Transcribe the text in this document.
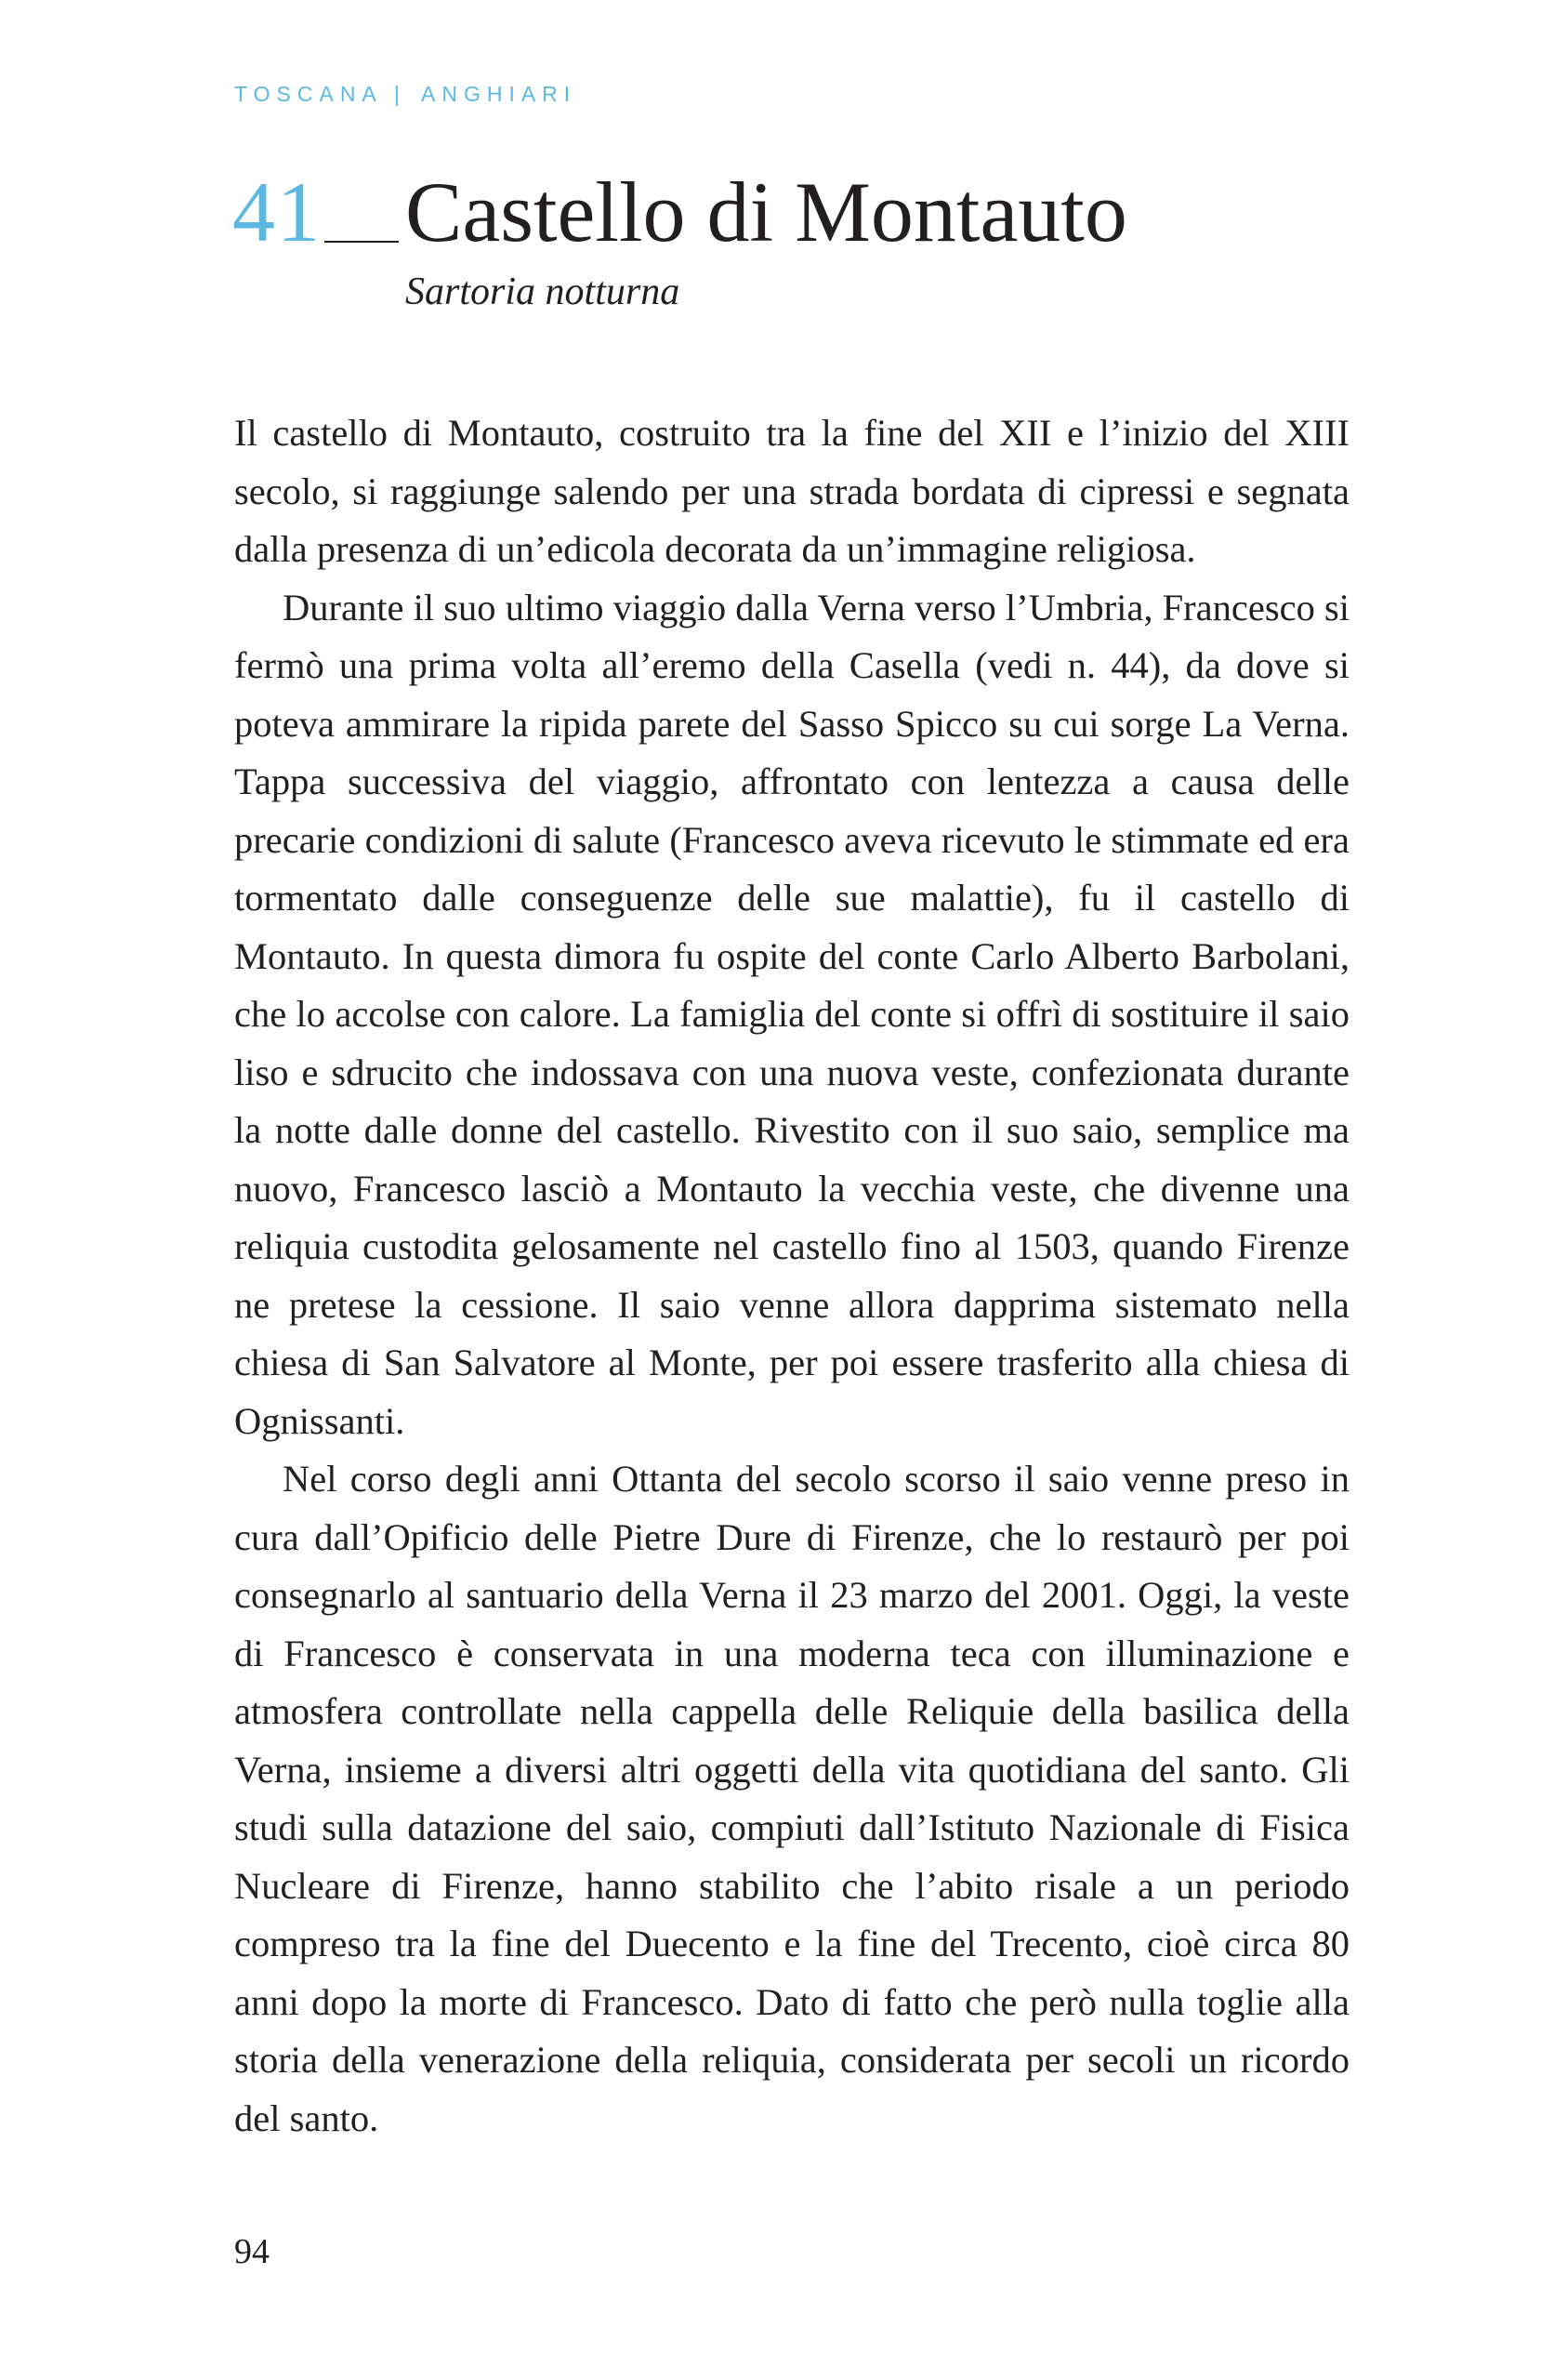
TOSCANA | ANGHIARI
41 Castello di Montauto
Sartoria notturna

Il castello di Montauto, costruito tra la fine del XII e l’inizio del XIII secolo, si raggiunge salendo per una strada bordata di cipressi e segnata dalla presenza di un’edicola decorata da un’immagine religiosa.

Durante il suo ultimo viaggio dalla Verna verso l’Umbria, Francesco si fermò una prima volta all’eremo della Casella (vedi n. 44), da dove si poteva ammirare la ripida parete del Sasso Spicco su cui sorge La Verna. Tappa successiva del viaggio, affrontato con lentezza a causa delle precarie condizioni di salute (Francesco aveva ricevuto le stimmate ed era tormentato dalle conseguenze delle sue malattie), fu il castello di Montauto. In questa dimora fu ospite del conte Carlo Alberto Barbolani, che lo accolse con calore. La famiglia del conte si offrì di sostituire il saio liso e sdrucito che indossava con una nuova veste, confezionata durante la notte dalle donne del castello. Rivestito con il suo saio, semplice ma nuovo, Francesco lasciò a Montauto la vecchia veste, che divenne una reliquia custodita gelosamente nel castello fino al 1503, quando Firenze ne pretese la cessione. Il saio venne allora dapprima sistemato nella chiesa di San Salvatore al Monte, per poi essere trasferito alla chiesa di Ognissanti.

Nel corso degli anni Ottanta del secolo scorso il saio venne preso in cura dall’Opificio delle Pietre Dure di Firenze, che lo restaurò per poi consegnarlo al santuario della Verna il 23 marzo del 2001. Oggi, la veste di Francesco è conservata in una moderna teca con illuminazione e atmosfera controllate nella cappella delle Reliquie della basilica della Verna, insieme a diversi altri oggetti della vita quotidiana del santo. Gli studi sulla datazione del saio, compiuti dall’Istituto Nazionale di Fisica Nucleare di Firenze, hanno stabilito che l’abito risale a un periodo compreso tra la fine del Duecento e la fine del Trecento, cioè circa 80 anni dopo la morte di Francesco. Dato di fatto che però nulla toglie alla storia della venerazione della reliquia, considerata per secoli un ricordo del santo.

94
